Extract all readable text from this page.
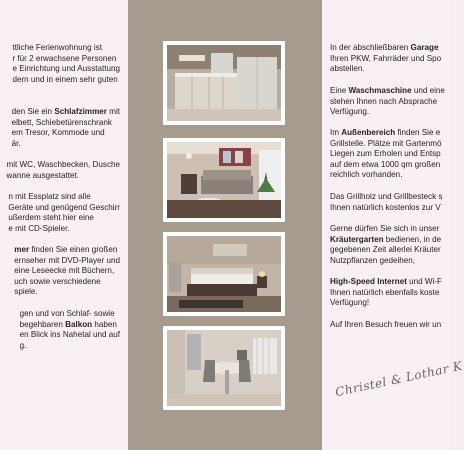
ttliche Ferienwohnung ist

r für 2 erwachsene Personen

e Einrichtung und Ausstattung

dern und in einem sehr guten

den Sie ein Schlafzimmer mit

elbett, Schiebetürenschrank

em Tresor, Kommode und

är.

mit WC, Waschbecken, Dusche

wanne ausgestattet.

n mit Essplatz sind alle

Geräte und genügend Geschirr

ußerdem steht hier eine

e mit CD-Spieler.

mer finden Sie einen großen

ernseher mit DVD-Player und

eine Leseecke mit Büchern,

uch sowie verschiedene

spiele.

gen und von Schlaf- sowie

begehbaren Balkon haben

en Blick ins Nahetal und auf

g.

In der abschließbaren Garage

Ihren PKW, Fahrräder und Spo

abstellen.

Eine Waschmaschine und eine

stehen Ihnen nach Absprache

Verfügung.

Im Außenbereich finden Sie e

Grillstelle. Plätze mit Gartenmö

Liegen zum Erholen und Entsp

auf dem etwa 1000 qm großen

reichlich vorhanden.

Das Grillholz und Grillbesteck s

Ihnen natürlich kostenlos zur V

Gerne dürfen Sie sich in unser

Kräutergarten bedienen, in de

gegebenen Zeit allerlei Kräuter

Nutzpflanzen gedeihen,

High-Speed Internet und Wi-F

Ihnen natürlich ebenfalls koste

Verfügung!

Auf Ihren Besuch freuen wir un

Christel & Lothar K
